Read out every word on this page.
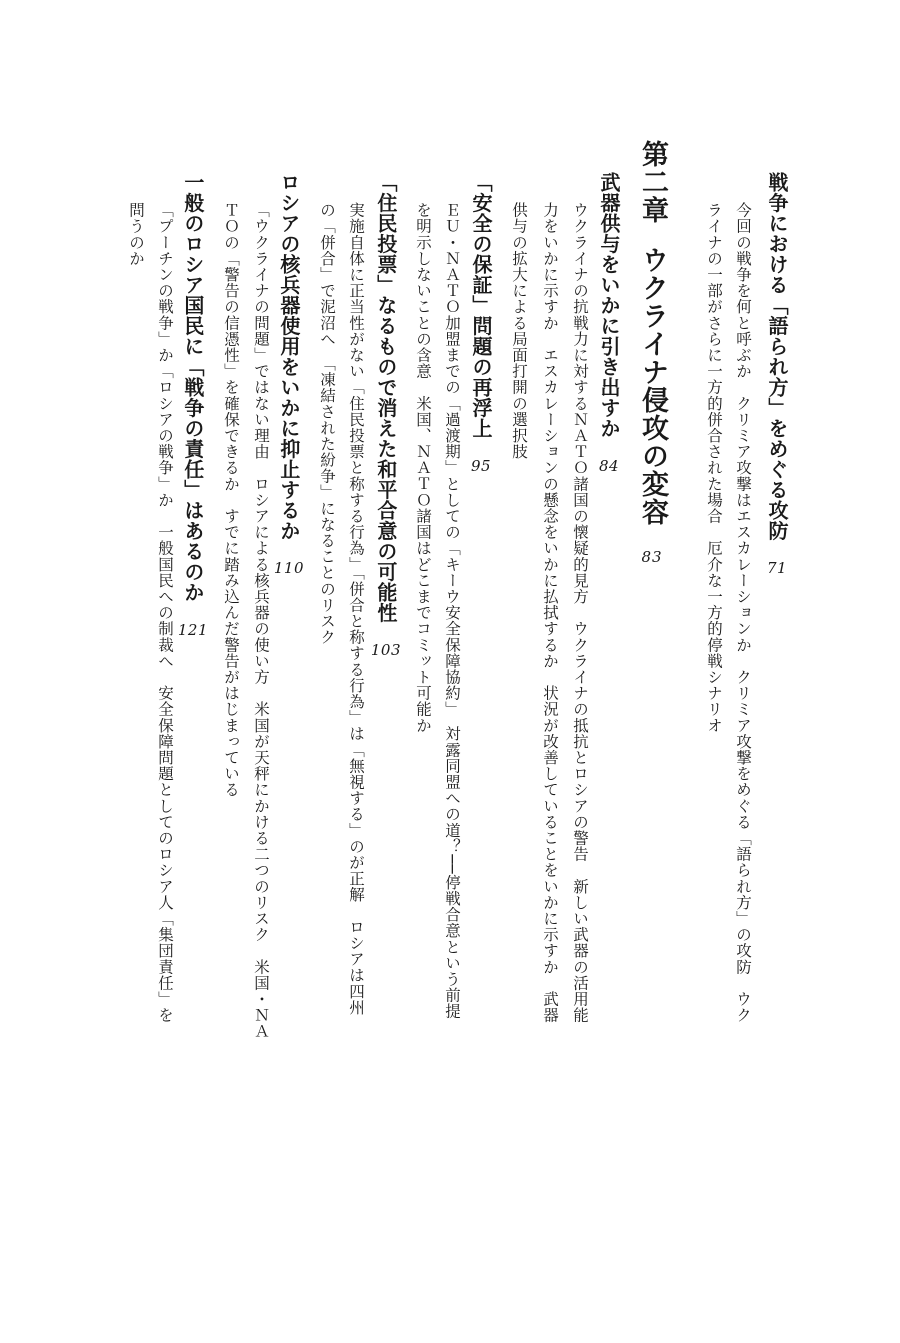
戦争における「語られ方」をめぐる攻防71
今回の戦争を何と呼ぶか　クリミア攻撃はエスカレーションか　クリミア攻撃をめぐる「語られ方」の攻防　ウク
ライナの一部がさらに一方的併合された場合　厄介な一方的停戦シナリオ
第二章ウクライナ侵攻の変容83
武器供与をいかに引き出すか84
ウクライナの抗戦力に対するＮＡＴＯ諸国の懐疑的見方　ウクライナの抵抗とロシアの警告　新しい武器の活用能
力をいかに示すか　エスカレーションの懸念をいかに払拭するか　状況が改善していることをいかに示すか　武器
供与の拡大による局面打開の選択肢
「安全の保証」問題の再浮上95
ＥＵ・ＮＡＴＯ加盟までの「過渡期」としての「キーウ安全保障協約」　対露同盟への道？──停戦合意という前提
を明示しないことの含意　米国、ＮＡＴＯ諸国はどこまでコミット可能か
「住民投票」なるもので消えた和平合意の可能性103
実施自体に正当性がない「住民投票と称する行為」「併合と称する行為」は「無視する」のが正解　ロシアは四州
の「併合」で泥沼へ　「凍結された紛争」になることのリスク
ロシアの核兵器使用をいかに抑止するか110
「ウクライナの問題」ではない理由　ロシアによる核兵器の使い方　米国が天秤にかける二つのリスク　米国・ＮＡ
ＴＯの「警告の信憑性」を確保できるか　すでに踏み込んだ警告がはじまっている
一般のロシア国民に「戦争の責任」はあるのか121
「プーチンの戦争」か「ロシアの戦争」か　一般国民への制裁へ　安全保障問題としてのロシア人「集団責任」を
問うのか
